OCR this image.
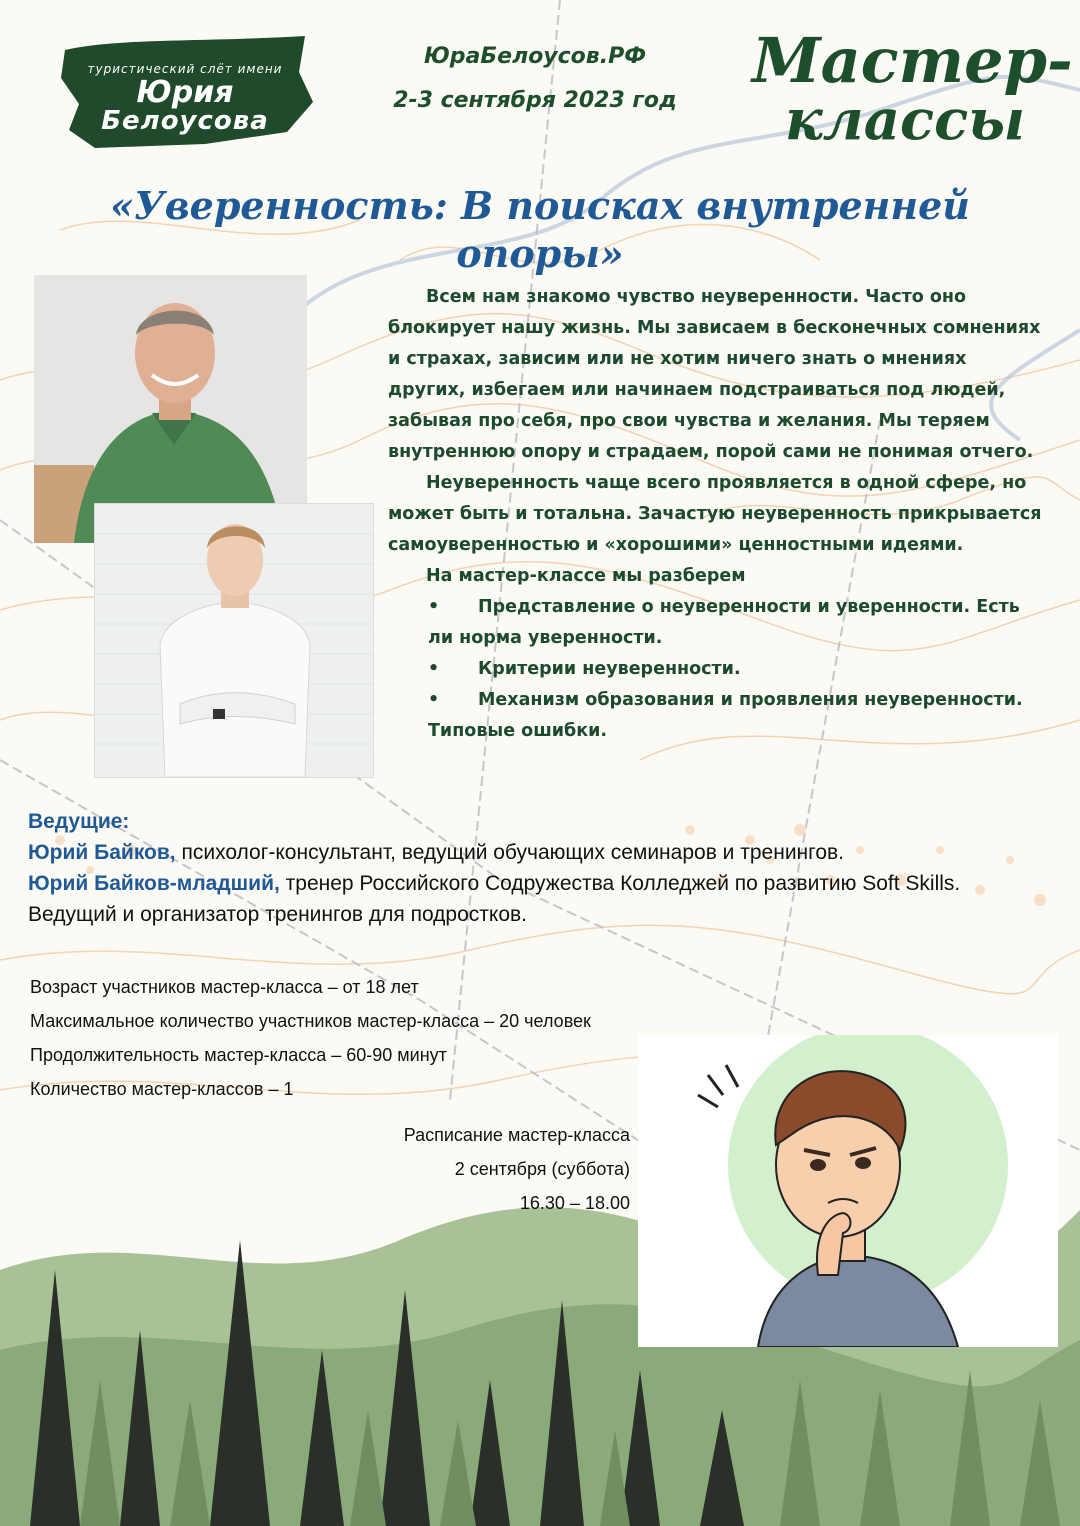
туристический слёт имени
Юрия
Белоусова
ЮраБелоусов.РФ
2-3 сентября 2023 год
Мастер-
классы
«Уверенность: В поисках внутренней опоры»

Всем нам знакомо чувство неуверенности. Часто оно блокирует нашу жизнь. Мы зависаем в бесконечных сомнениях и страхах, зависим или не хотим ничего знать о мнениях других, избегаем или начинаем подстраиваться под людей, забывая про себя, про свои чувства и желания. Мы теряем внутреннюю опору и страдаем, порой сами не понимая отчего.

Неуверенность чаще всего проявляется в одной сфере, но может быть и тотальна. Зачастую неуверенность прикрывается самоуверенностью и «хорошими» ценностными идеями.

На мастер-классе мы разберем

• Представление о неуверенности и уверенности. Есть ли норма уверенности.

• Критерии неуверенности.

• Механизм образования и проявления неуверенности. Типовые ошибки.

Ведущие:
Юрий Байков, психолог-консультант, ведущий обучающих семинаров и тренингов.
Юрий Байков-младший, тренер Российского Содружества Колледжей по развитию Soft Skills. Ведущий и организатор тренингов для подростков.
Возраст участников мастер-класса – от 18 лет
Максимальное количество участников мастер-класса – 20 человек
Продолжительность мастер-класса – 60-90 минут
Количество мастер-классов – 1
Расписание мастер-класса
2 сентября (суббота)
16.30 – 18.00
